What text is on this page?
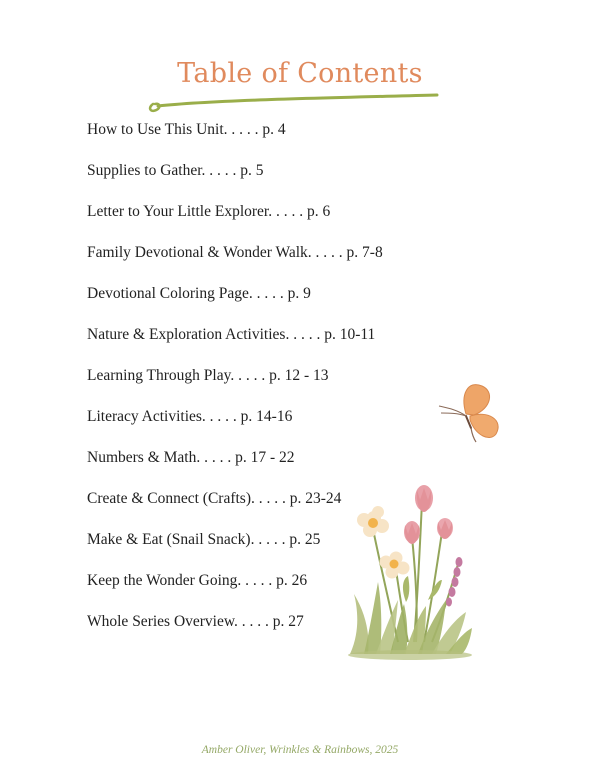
Table of Contents
How to Use This Unit. . . . . p. 4
Supplies to Gather. . . . . p. 5
Letter to Your Little Explorer. . . . . p. 6
Family Devotional & Wonder Walk. . . . . p. 7-8
Devotional Coloring Page. . . . . p. 9
Nature & Exploration Activities. . . . . p. 10-11
Learning Through Play. . . . . p. 12 - 13
Literacy Activities. . . . . p. 14-16
Numbers & Math. . . . . p. 17 - 22
Create & Connect (Crafts). . . . . p. 23-24
Make & Eat (Snail Snack). . . . . p. 25
Keep the Wonder Going. . . . . p. 26
Whole Series Overview. . . . . p. 27
Amber Oliver, Wrinkles & Rainbows, 2025
